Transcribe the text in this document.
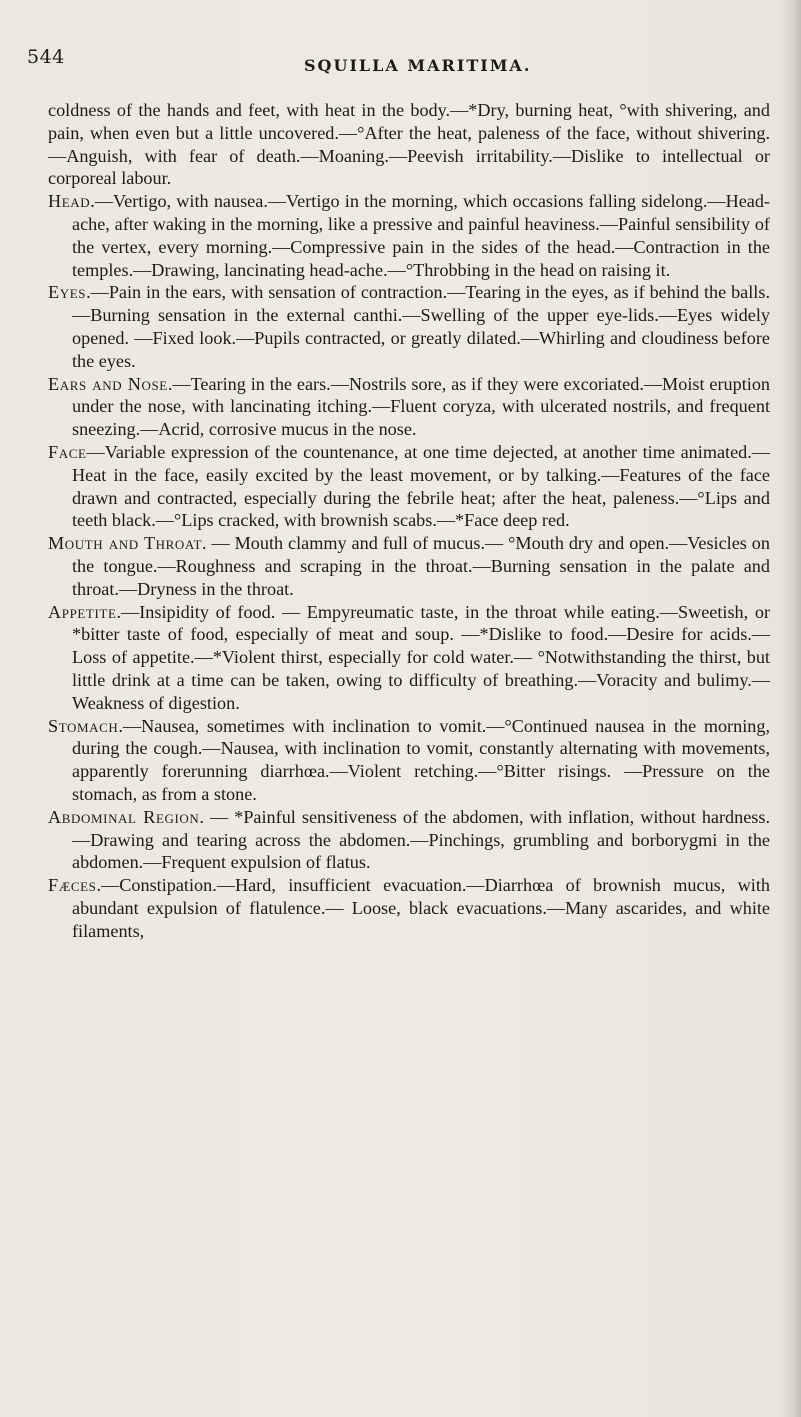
544	SQUILLA MARITIMA.

coldness of the hands and feet, with heat in the body.—*Dry, burning heat, °with shivering, and pain, when even but a little uncovered.—°After the heat, paleness of the face, without shivering. —Anguish, with fear of death.—Moaning.—Peevish irritability.—Dislike to intellectual or corporeal labour.

Head.—Vertigo, with nausea.—Vertigo in the morning, which occasions falling sidelong.—Head-ache, after waking in the morning, like a pressive and painful heaviness.—Painful sensibility of the vertex, every morning.—Compressive pain in the sides of the head.—Contraction in the temples.—Drawing, lancinating head-ache.—°Throbbing in the head on raising it.

Eyes.—Pain in the ears, with sensation of contraction.—Tearing in the eyes, as if behind the balls.—Burning sensation in the external canthi.—Swelling of the upper eye-lids.—Eyes widely opened. —Fixed look.—Pupils contracted, or greatly dilated.—Whirling and cloudiness before the eyes.

Ears and Nose.—Tearing in the ears.—Nostrils sore, as if they were excoriated.—Moist eruption under the nose, with lancinating itching.—Fluent coryza, with ulcerated nostrils, and frequent sneezing.—Acrid, corrosive mucus in the nose.

Face—Variable expression of the countenance, at one time dejected, at another time animated.—Heat in the face, easily excited by the least movement, or by talking.—Features of the face drawn and contracted, especially during the febrile heat; after the heat, paleness.—°Lips and teeth black.—°Lips cracked, with brownish scabs.—*Face deep red.

Mouth and Throat. — Mouth clammy and full of mucus.— °Mouth dry and open.—Vesicles on the tongue.—Roughness and scraping in the throat.—Burning sensation in the palate and throat.—Dryness in the throat.

Appetite.—Insipidity of food. — Empyreumatic taste, in the throat while eating.—Sweetish, or *bitter taste of food, especially of meat and soup. —*Dislike to food.—Desire for acids.— Loss of appetite.—*Violent thirst, especially for cold water.— °Notwithstanding the thirst, but little drink at a time can be taken, owing to difficulty of breathing.—Voracity and bulimy.— Weakness of digestion.

Stomach.—Nausea, sometimes with inclination to vomit.—°Continued nausea in the morning, during the cough.—Nausea, with inclination to vomit, constantly alternating with movements, apparently forerunning diarrhœa.—Violent retching.—°Bitter risings. —Pressure on the stomach, as from a stone.

Abdominal Region. — *Painful sensitiveness of the abdomen, with inflation, without hardness.—Drawing and tearing across the abdomen.—Pinchings, grumbling and borborygmi in the abdomen.—Frequent expulsion of flatus.

Fæces.—Constipation.—Hard, insufficient evacuation.—Diarrhœa of brownish mucus, with abundant expulsion of flatulence.— Loose, black evacuations.—Many ascarides, and white filaments,
